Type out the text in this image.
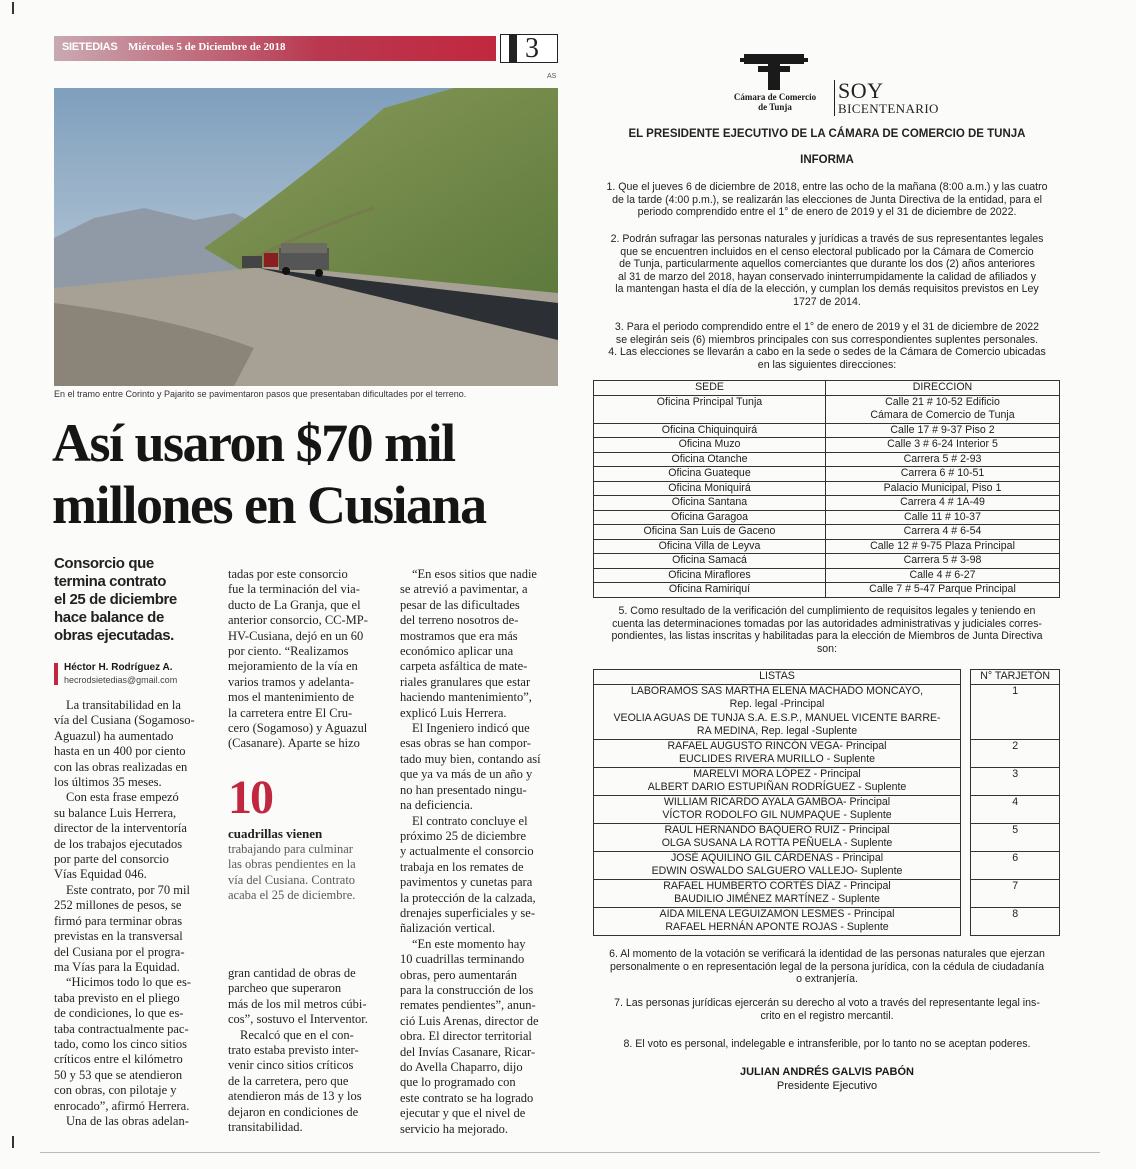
SIETEDIAS Miércoles 5 de Diciembre de 2018	3
AS
En el tramo entre Corinto y Pajarito se pavimentaron pasos que presentaban dificultades por el terreno.
Así usaron $70 mil
millones en Cusiana
Consorcio que
termina contrato
el 25 de diciembre
hace balance de
obras ejecutadas.
Héctor H. Rodríguez A.
hecrodsietedias@gmail.com

La transitabilidad en la

vía del Cusiana (Sogamoso-

Aguazul) ha aumentado

hasta en un 400 por ciento

con las obras realizadas en

los últimos 35 meses.

Con esta frase empezó

su balance Luis Herrera,

director de la interventoría

de los trabajos ejecutados

por parte del consorcio

Vías Equidad 046.

Este contrato, por 70 mil

252 millones de pesos, se

firmó para terminar obras

previstas en la transversal

del Cusiana por el progra-

ma Vías para la Equidad.

“Hicimos todo lo que es-

taba previsto en el pliego

de condiciones, lo que es-

taba contractualmente pac-

tado, como los cinco sitios

críticos entre el kilómetro

50 y 53 que se atendieron

con obras, con pilotaje y

enrocado”, afirmó Herrera.

Una de las obras adelan-

tadas por este consorcio

fue la terminación del via-

ducto de La Granja, que el

anterior consorcio, CC-MP-

HV-Cusiana, dejó en un 60

por ciento. “Realizamos

mejoramiento de la vía en

varios tramos y adelanta-

mos el mantenimiento de

la carretera entre El Cru-

cero (Sogamoso) y Aguazul

(Casanare). Aparte se hizo

10
cuadrillas vienen
trabajando para culminar
las obras pendientes en la
vía del Cusiana. Contrato
acaba el 25 de diciembre.

gran cantidad de obras de

parcheo que superaron

más de los mil metros cúbi-

cos”, sostuvo el Interventor.

Recalcó que en el con-

trato estaba previsto inter-

venir cinco sitios críticos

de la carretera, pero que

atendieron más de 13 y los

dejaron en condiciones de

transitabilidad.

“En esos sitios que nadie

se atrevió a pavimentar, a

pesar de las dificultades

del terreno nosotros de-

mostramos que era más

económico aplicar una

carpeta asfáltica de mate-

riales granulares que estar

haciendo mantenimiento”,

explicó Luis Herrera.

El Ingeniero indicó que

esas obras se han compor-

tado muy bien, contando así

que ya va más de un año y

no han presentado ningu-

na deficiencia.

El contrato concluye el

próximo 25 de diciembre

y actualmente el consorcio

trabaja en los remates de

pavimentos y cunetas para

la protección de la calzada,

drenajes superficiales y se-

ñalización vertical.

“En este momento hay

10 cuadrillas terminando

obras, pero aumentarán

para la construcción de los

remates pendientes”, anun-

ció Luis Arenas, director de

obra. El director territorial

del Invías Casanare, Ricar-

do Avella Chaparro, dijo

que lo programado con

este contrato se ha logrado

ejecutar y que el nivel de

servicio ha mejorado.

Cámara de Comercio
de Tunja
SOY
BICENTENARIO
EL PRESIDENTE EJECUTIVO DE LA CÁMARA DE COMERCIO DE TUNJA
INFORMA
1. Que el jueves 6 de diciembre de 2018, entre las ocho de la mañana (8:00 a.m.) y las cuatro
de la tarde (4:00 p.m.), se realizarán las elecciones de Junta Directiva de la entidad, para el
periodo comprendido entre el 1° de enero de 2019 y el 31 de diciembre de 2022.
2. Podrán sufragar las personas naturales y jurídicas a través de sus representantes legales
que se encuentren incluidos en el censo electoral publicado por la Cámara de Comercio
de Tunja, particularmente aquellos comerciantes que durante los dos (2) años anteriores
al 31 de marzo del 2018, hayan conservado ininterrumpidamente la calidad de afiliados y
la mantengan hasta el día de la elección, y cumplan los demás requisitos previstos en Ley
1727 de 2014.
3. Para el periodo comprendido entre el 1° de enero de 2019 y el 31 de diciembre de 2022
se elegirán seis (6) miembros principales con sus correspondientes suplentes personales.
4. Las elecciones se llevarán a cabo en la sede o sedes de la Cámara de Comercio ubicadas
en las siguientes direcciones:
SEDE	DIRECCION
Oficina Principal Tunja	Calle 21 # 10-52 Edificio
	Cámara de Comercio de Tunja
Oficina Chiquinquirá	Calle 17 # 9-37 Piso 2
Oficina Muzo	Calle 3 # 6-24 Interior 5
Oficina Otanche	Carrera 5 # 2-93
Oficina Guateque	Carrera 6 # 10-51
Oficina Moniquirá	Palacio Municipal, Piso 1
Oficina Santana	Carrera 4 # 1A-49
Oficina Garagoa	Calle 11 # 10-37
Oficina San Luis de Gaceno	Carrera 4 # 6-54
Oficina Villa de Leyva	Calle 12 # 9-75 Plaza Principal
Oficina Samacá	Carrera 5 # 3-98
Oficina Miraflores	Calle 4 # 6-27
Oficina Ramiriquí	Calle 7 # 5-47 Parque Principal
5. Como resultado de la verificación del cumplimiento de requisitos legales y teniendo en
cuenta las determinaciones tomadas por las autoridades administrativas y judiciales corres-
pondientes, las listas inscritas y habilitadas para la elección de Miembros de Junta Directiva
son:
LISTAS		N° TARJETÓN

LABORAMOS SAS MARTHA ELENA MACHADO MONCAYO,
Rep. legal -Principal
VEOLIA AGUAS DE TUNJA S.A. E.S.P., MANUEL VICENTE BARRE-
RA MEDINA, Rep. legal -Suplente		1

RAFAEL AUGUSTO RINCÓN VEGA- Principal
EUCLIDES RIVERA MURILLO - Suplente		2

MARELVI MORA LÓPEZ - Principal
ALBERT DARIO ESTUPIÑAN RODRÍGUEZ - Suplente		3

WILLIAM RICARDO AYALA GAMBOA- Principal
VÍCTOR RODOLFO GIL NUMPAQUE - Suplente		4

RAÚL HERNANDO BAQUERO RUIZ - Principal
OLGA SUSANA LA ROTTA PEÑUELA - Suplente		5

JOSÉ AQUILINO GIL CÁRDENAS - Principal
EDWIN OSWALDO SALGUERO VALLEJO- Suplente		6

RAFAEL HUMBERTO CORTÉS DÍAZ - Principal
BAUDILIO JIMÉNEZ MARTÍNEZ - Suplente		7

AIDA MILENA LEGUIZAMON LESMES - Principal
RAFAEL HERNÁN APONTE ROJAS - Suplente		8
6. Al momento de la votación se verificará la identidad de las personas naturales que ejerzan
personalmente o en representación legal de la persona jurídica, con la cédula de ciudadanía
o extranjería.
7. Las personas jurídicas ejercerán su derecho al voto a través del representante legal ins-
crito en el registro mercantil.
8. El voto es personal, indelegable e intransferible, por lo tanto no se aceptan poderes.
JULIAN ANDRÉS GALVIS PABÓN
Presidente Ejecutivo
